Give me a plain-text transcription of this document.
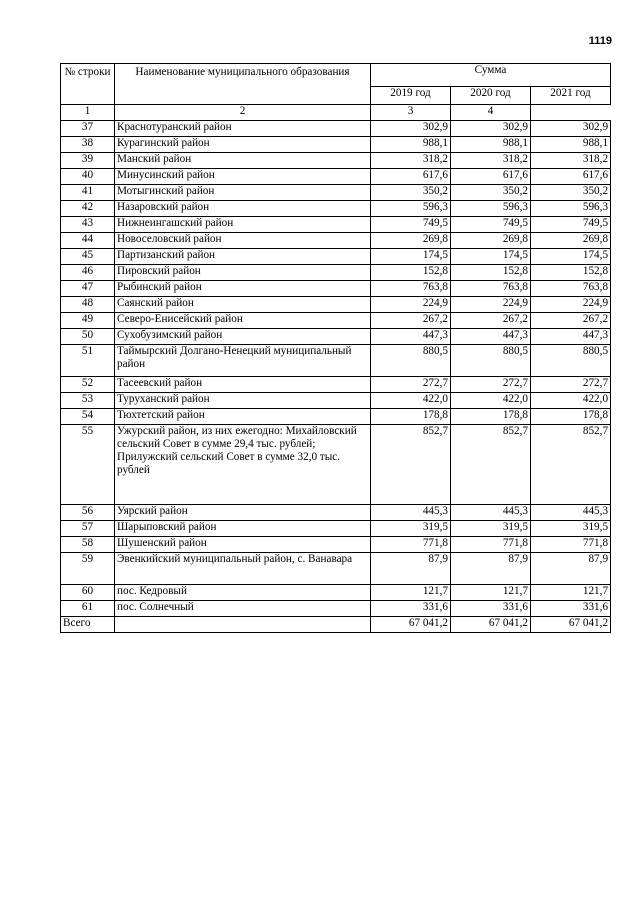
1119
№ строки	Наименование муниципального образования	Сумма		
		2019 год	2020 год	2021 год
1	2	3	4	
37	Краснотуранский район	302,9	302,9	302,9
38	Курагинский район	988,1	988,1	988,1
39	Манский район	318,2	318,2	318,2
40	Минусинский район	617,6	617,6	617,6
41	Мотыгинский район	350,2	350,2	350,2
42	Назаровский район	596,3	596,3	596,3
43	Нижнеингашский район	749,5	749,5	749,5
44	Новоселовский район	269,8	269,8	269,8
45	Партизанский район	174,5	174,5	174,5
46	Пировский район	152,8	152,8	152,8
47	Рыбинский район	763,8	763,8	763,8
48	Саянский район	224,9	224,9	224,9
49	Северо-Енисейский район	267,2	267,2	267,2
50	Сухобузимский район	447,3	447,3	447,3
51	Таймырский Долгано-Ненецкий муниципальный район	880,5	880,5	880,5
52	Тасеевский район	272,7	272,7	272,7
53	Туруханский район	422,0	422,0	422,0
54	Тюхтетский район	178,8	178,8	178,8
55	Ужурский район, из них ежегодно: Михайловский сельский Совет в сумме 29,4 тыс. рублей; Прилужский сельский Совет в сумме 32,0 тыс. рублей	852,7	852,7	852,7
56	Уярский район	445,3	445,3	445,3
57	Шарыповский район	319,5	319,5	319,5
58	Шушенский район	771,8	771,8	771,8
59	Эвенкийский муниципальный район, с. Ванавара	87,9	87,9	87,9
60	пос. Кедровый	121,7	121,7	121,7
61	пос. Солнечный	331,6	331,6	331,6
Всего		67 041,2	67 041,2	67 041,2
